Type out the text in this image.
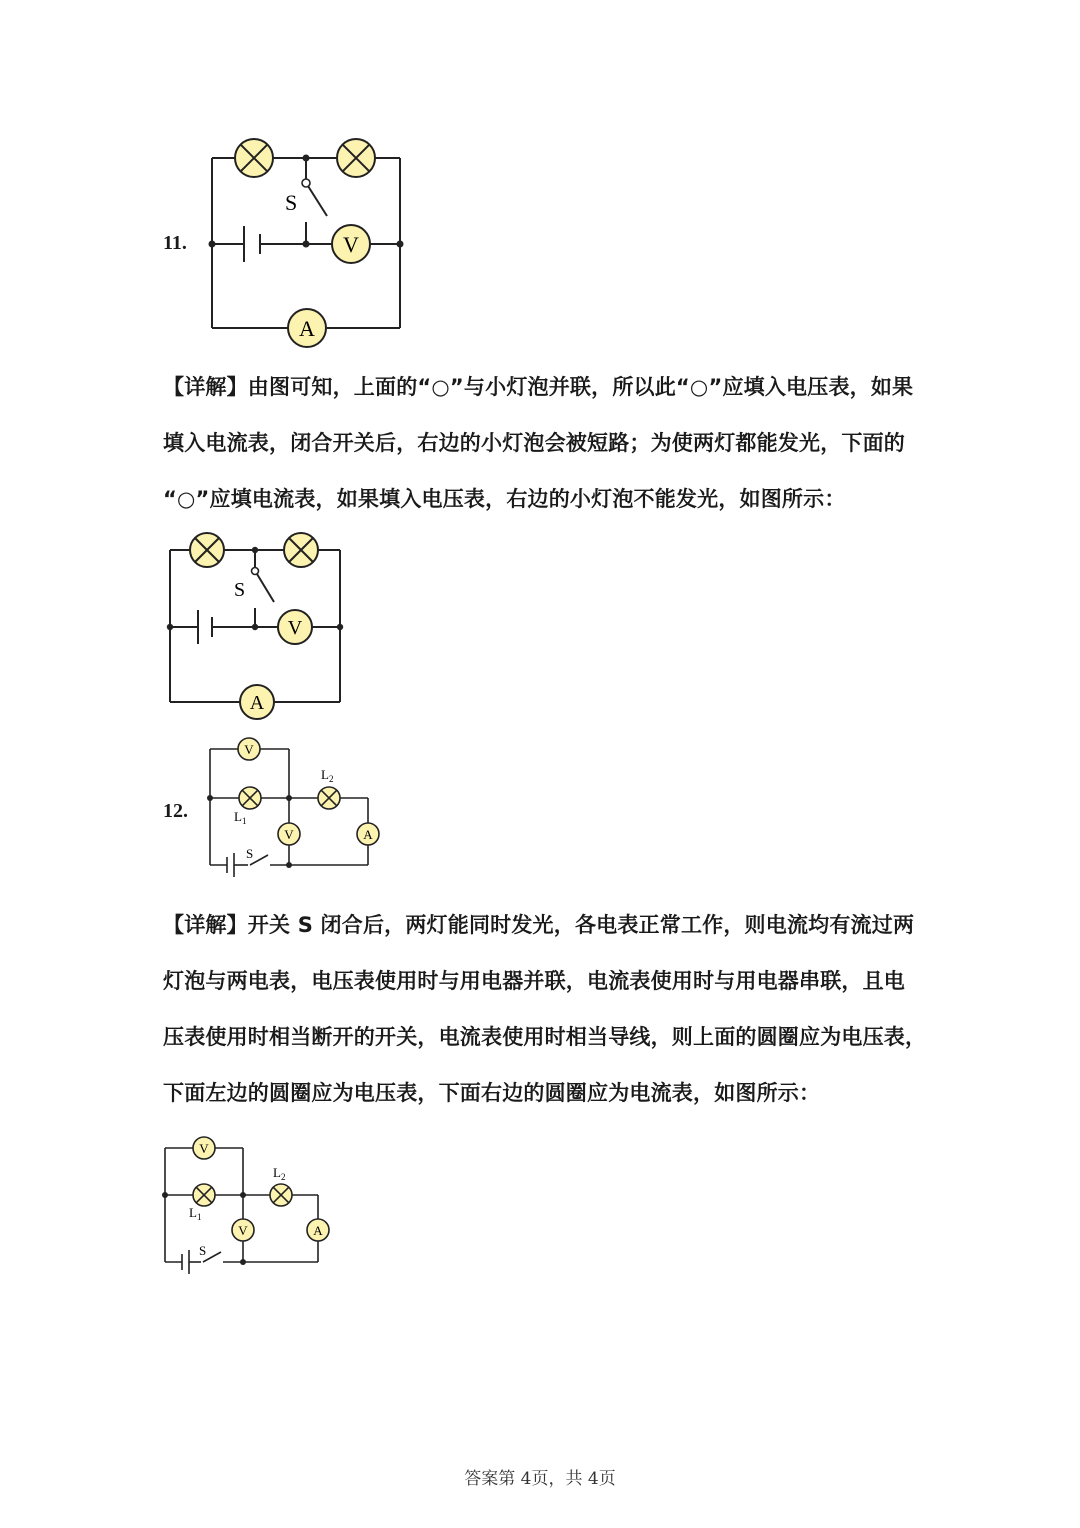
11.	V
A
S

【详解】由图可知，上面的“○”与小灯泡并联，所以此“○”应填入电压表，如果

填入电流表，闭合开关后，右边的小灯泡会被短路；为使两灯都能发光，下面的

“○”应填电流表，如果填入电压表，右边的小灯泡不能发光，如图所示：

V
A
S
12.
V
V	A
$L_1$
$L_2$
S

【详解】开关 S 闭合后，两灯能同时发光，各电表正常工作，则电流均有流过两

灯泡与两电表，电压表使用时与用电器并联，电流表使用时与用电器串联，且电

压表使用时相当断开的开关，电流表使用时相当导线，则上面的圆圈应为电压表，

下面左边的圆圈应为电压表，下面右边的圆圈应为电流表，如图所示：

V
V	A
$L_1$
$L_2$
S
答案第 4页，共 4页
